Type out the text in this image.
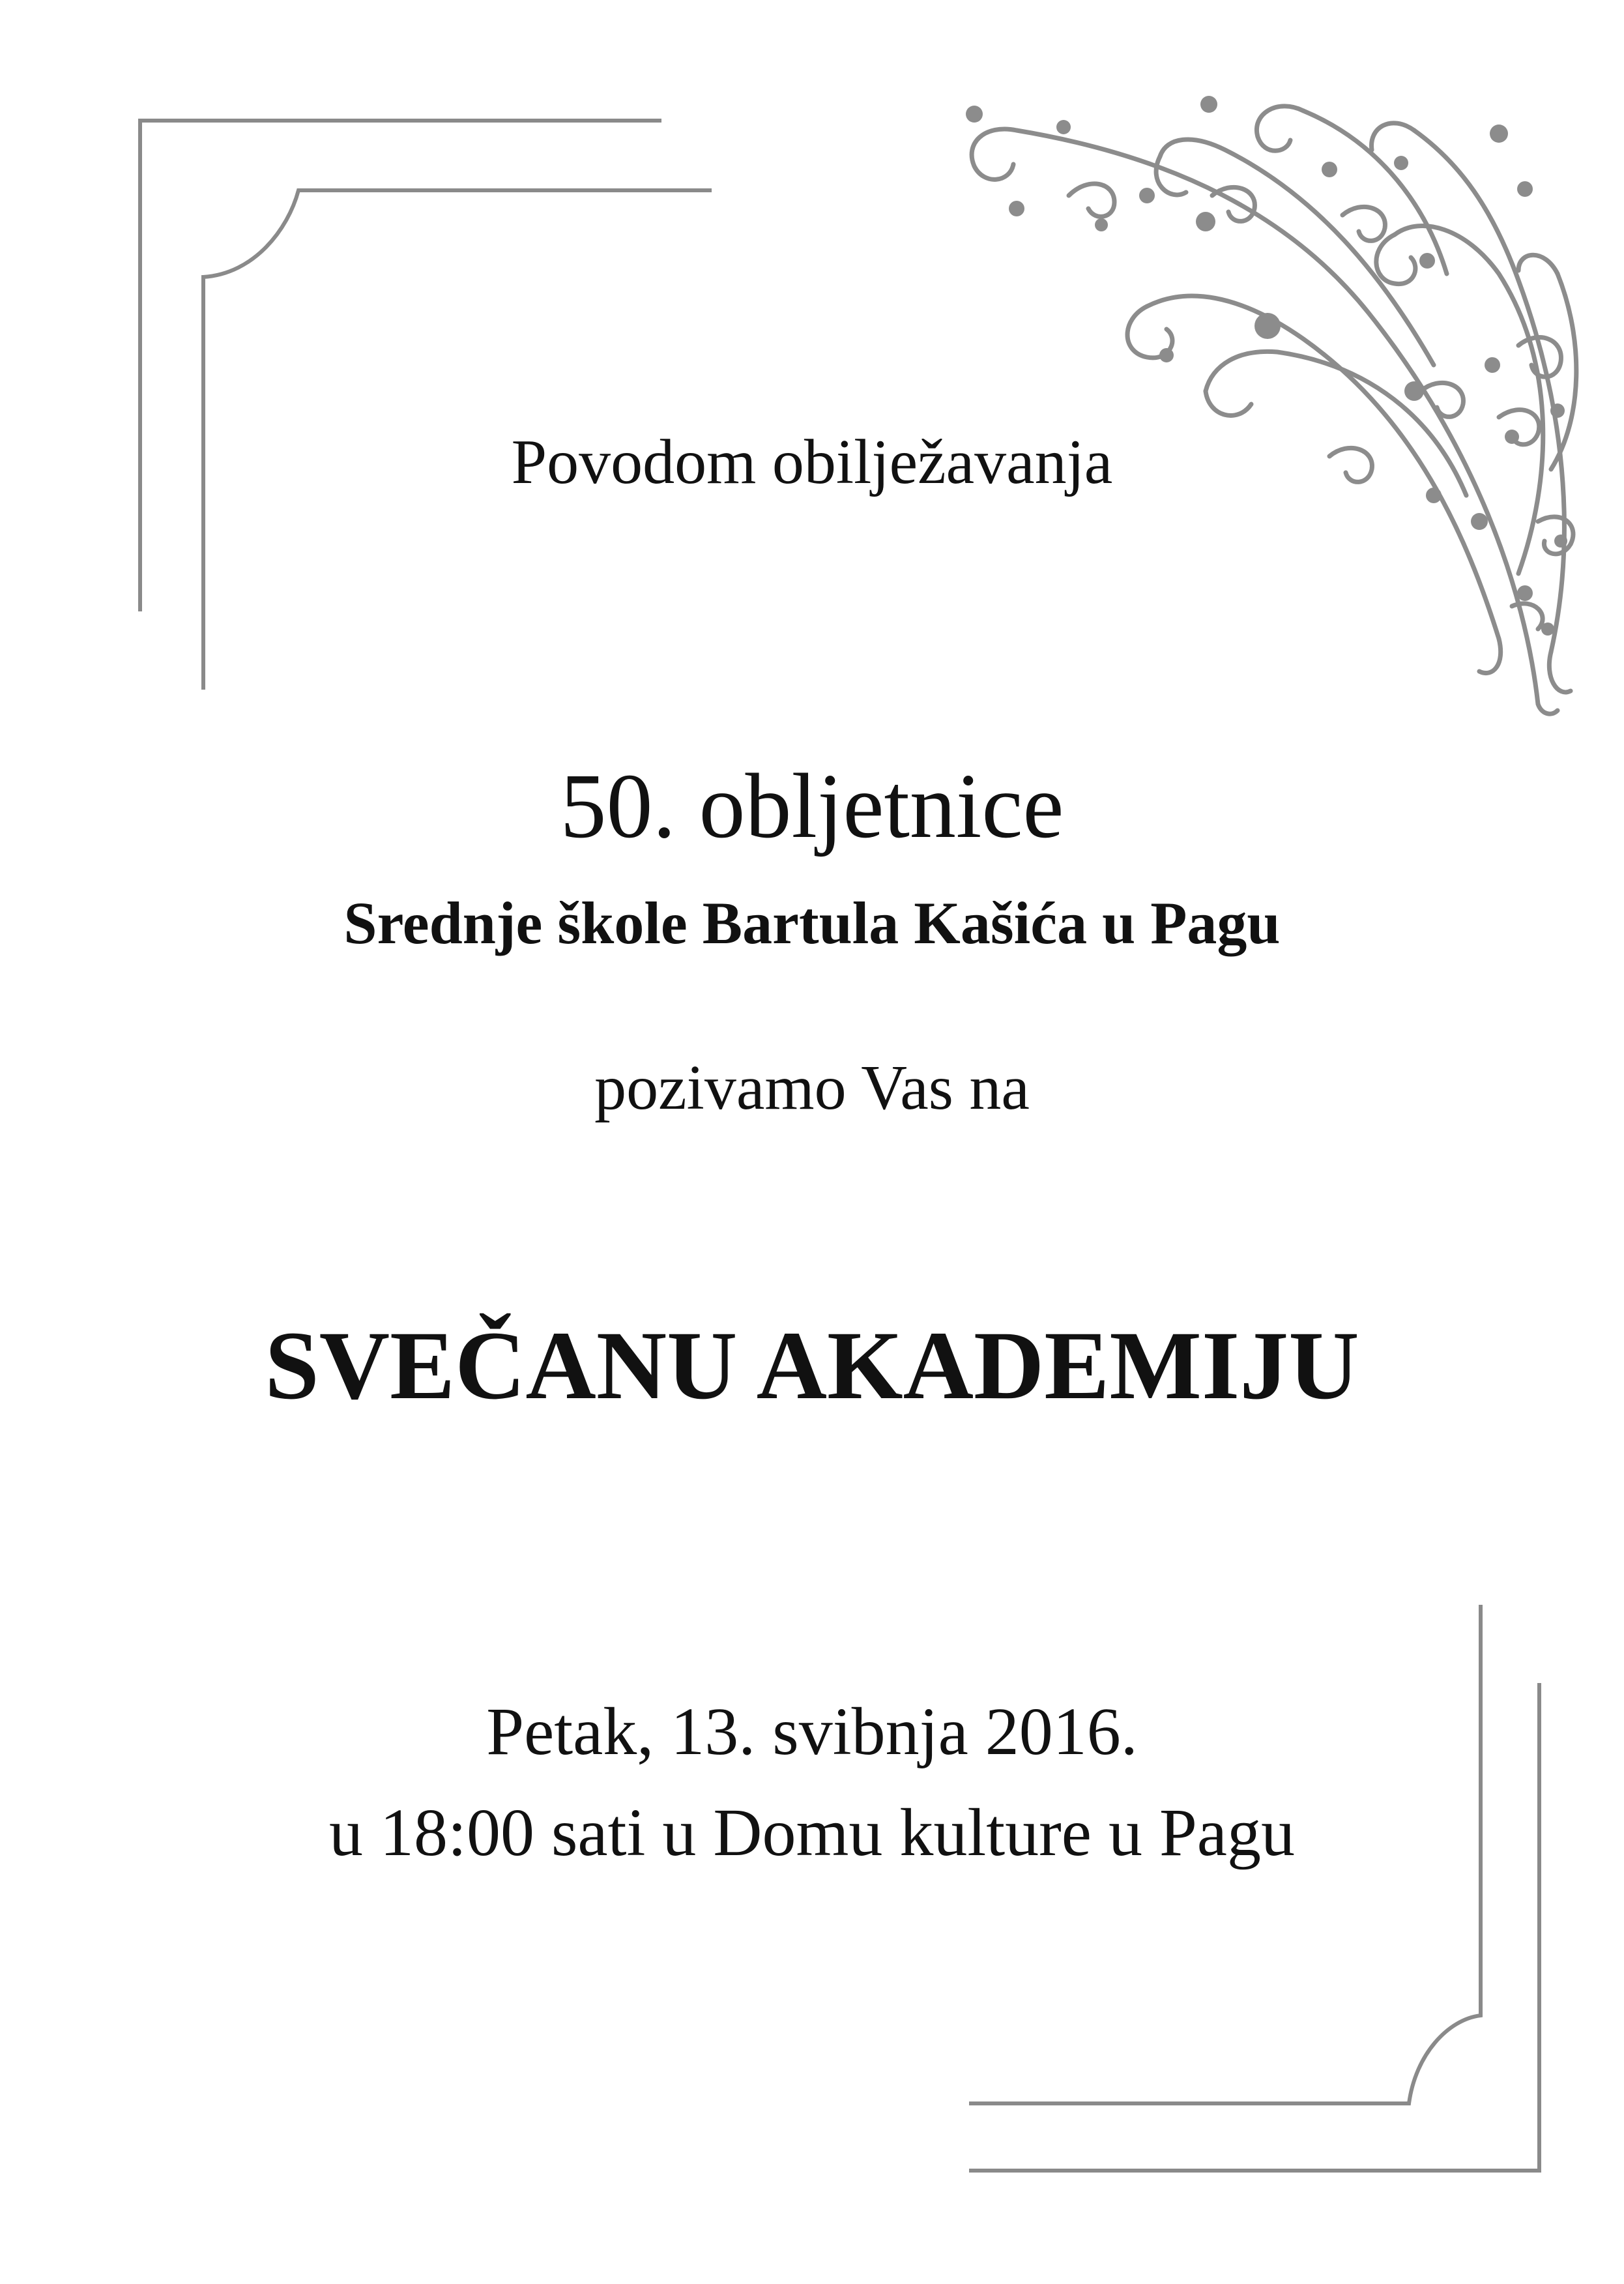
Povodom obilježavanja
50. obljetnice
Srednje škole Bartula Kašića u Pagu
pozivamo Vas na
SVEČANU AKADEMIJU
Petak, 13. svibnja 2016.
u 18:00 sati u Domu kulture u Pagu
